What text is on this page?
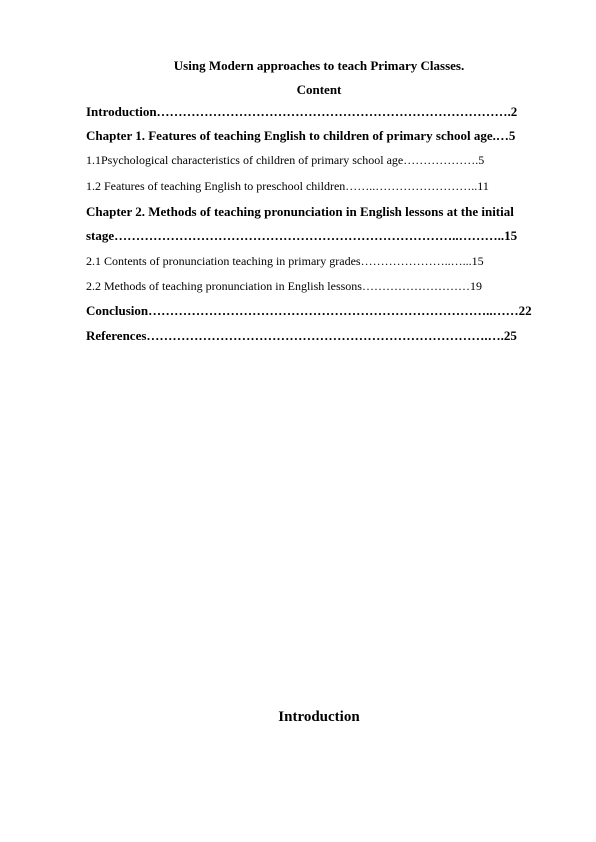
Using Modern approaches to teach Primary Classes.
Content
Introduction……………………………………………………………………….2
Chapter 1. Features of teaching English to children of primary school age.…5
1.1Psychological characteristics of children of primary school age……………….5
1.2 Features of teaching English to preschool children……..……………………..11
Chapter 2. Methods of teaching pronunciation in English lessons at the initial
stage……………………………………………………………………..………..15
2.1 Contents of pronunciation teaching in primary grades…………………..…...15
2.2 Methods of teaching pronunciation in English lessons………………………19
Conclusion……………………………………………………………………..……22
References…………………………………………………………………….….25
Introduction
